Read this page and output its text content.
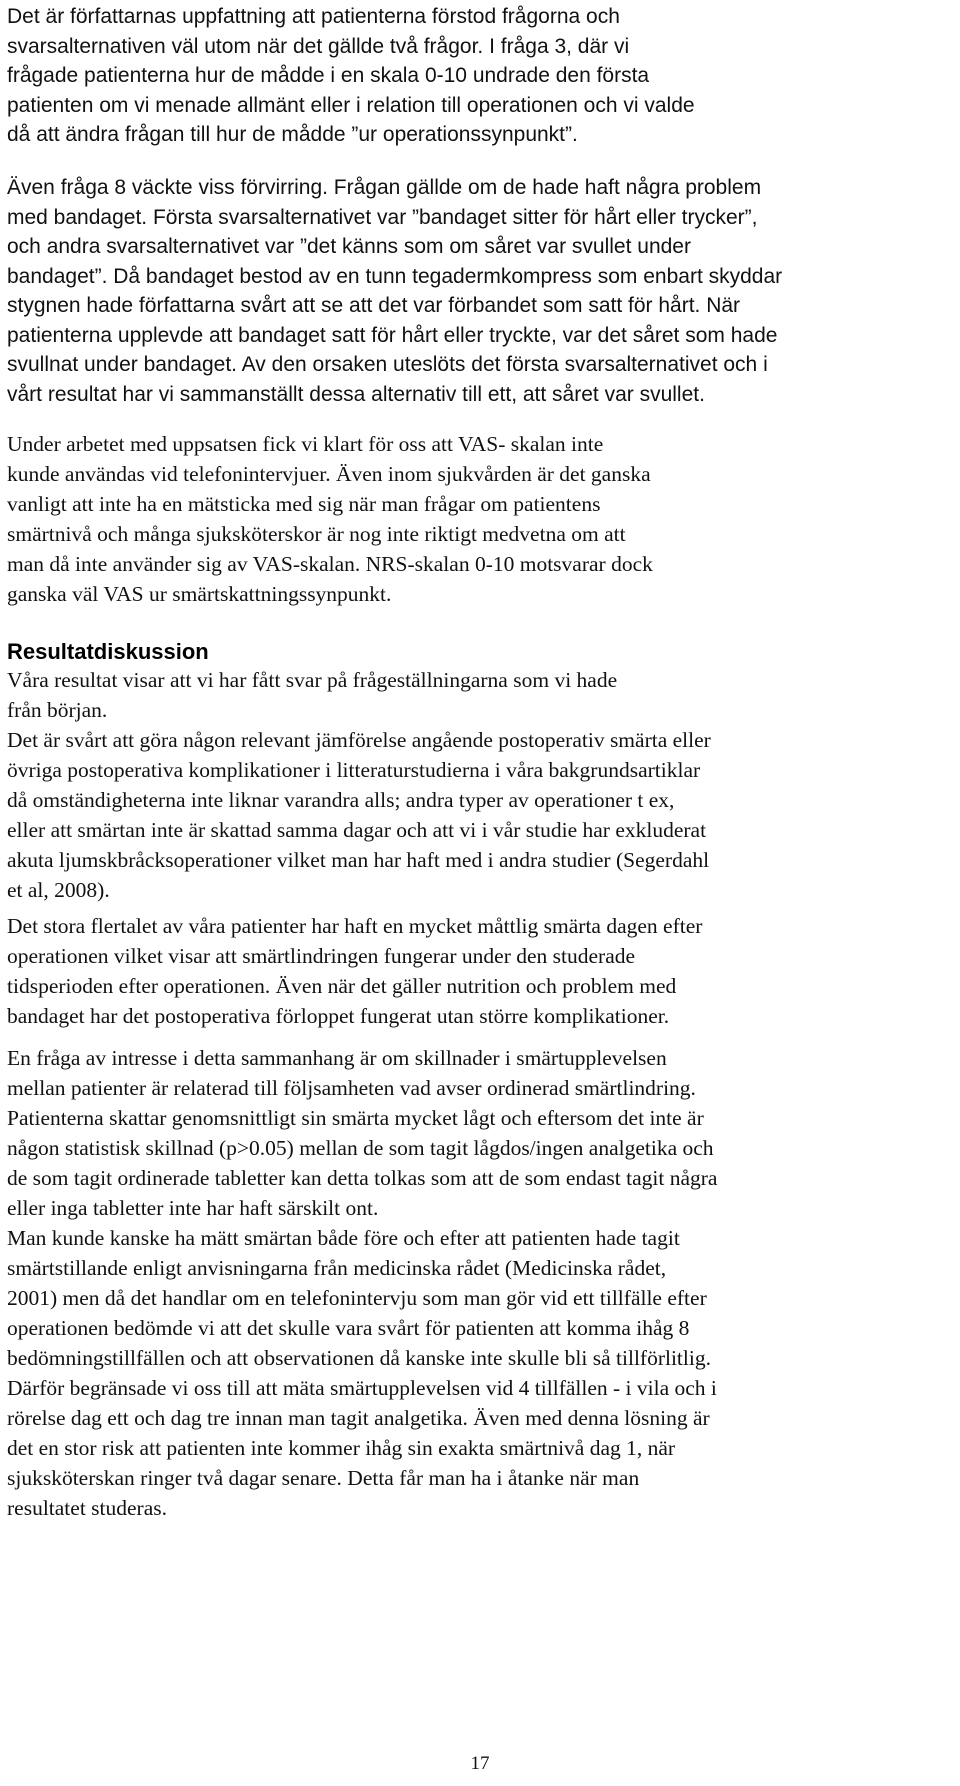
Det är författarnas uppfattning att patienterna förstod frågorna och
svarsalternativen väl utom när det gällde två frågor. I fråga 3, där vi
frågade patienterna hur de mådde i en skala 0-10 undrade den första
patienten om vi menade allmänt eller i relation till operationen och vi valde
då att ändra frågan till hur de mådde ”ur operationssynpunkt”.
Även fråga 8 väckte viss förvirring. Frågan gällde om de hade haft några problem
med bandaget. Första svarsalternativet var ”bandaget sitter för hårt eller trycker”,
och andra svarsalternativet var ”det känns som om såret var svullet under
bandaget”. Då bandaget bestod av en tunn tegadermkompress som enbart skyddar
stygnen hade författarna svårt att se att det var förbandet som satt för hårt. När
patienterna upplevde att bandaget satt för hårt eller tryckte, var det såret som hade
svullnat under bandaget. Av den orsaken uteslöts det första svarsalternativet och i
vårt resultat har vi sammanställt dessa alternativ till ett, att såret var svullet.
Under arbetet med uppsatsen fick vi klart för oss att VAS- skalan inte
kunde användas vid telefonintervjuer. Även inom sjukvården är det ganska
vanligt att inte ha en mätsticka med sig när man frågar om patientens
smärtnivå och många sjuksköterskor är nog inte riktigt medvetna om att
man då inte använder sig av VAS-skalan. NRS-skalan 0-10 motsvarar dock
ganska väl VAS ur smärtskattningssynpunkt.
Resultatdiskussion
Våra resultat visar att vi har fått svar på frågeställningarna som vi hade
från början.
Det är svårt att göra någon relevant jämförelse angående postoperativ smärta eller
övriga postoperativa komplikationer i litteraturstudierna i våra bakgrundsartiklar
då omständigheterna inte liknar varandra alls; andra typer av operationer t ex,
eller att smärtan inte är skattad samma dagar och att vi i vår studie har exkluderat
akuta ljumskbråcksoperationer vilket man har haft med i andra studier (Segerdahl
et al, 2008).
Det stora flertalet av våra patienter har haft en mycket måttlig smärta dagen efter
operationen vilket visar att smärtlindringen fungerar under den studerade
tidsperioden efter operationen. Även när det gäller nutrition och problem med
bandaget har det postoperativa förloppet fungerat utan större komplikationer.
En fråga av intresse i detta sammanhang är om skillnader i smärtupplevelsen
mellan patienter är relaterad till följsamheten vad avser ordinerad smärtlindring.
Patienterna skattar genomsnittligt sin smärta mycket lågt och eftersom det inte är
någon statistisk skillnad (p>0.05) mellan de som tagit lågdos/ingen analgetika och
de som tagit ordinerade tabletter kan detta tolkas som att de som endast tagit några
eller inga tabletter inte har haft särskilt ont.
Man kunde kanske ha mätt smärtan både före och efter att patienten hade tagit
smärtstillande enligt anvisningarna från medicinska rådet (Medicinska rådet,
2001) men då det handlar om en telefonintervju som man gör vid ett tillfälle efter
operationen bedömde vi att det skulle vara svårt för patienten att komma ihåg 8
bedömningstillfällen och att observationen då kanske inte skulle bli så tillförlitlig.
Därför begränsade vi oss till att mäta smärtupplevelsen vid 4 tillfällen - i vila och i
rörelse dag ett och dag tre innan man tagit analgetika. Även med denna lösning är
det en stor risk att patienten inte kommer ihåg sin exakta smärtnivå dag 1, när
sjuksköterskan ringer två dagar senare. Detta får man ha i åtanke när man
resultatet studeras.
17
